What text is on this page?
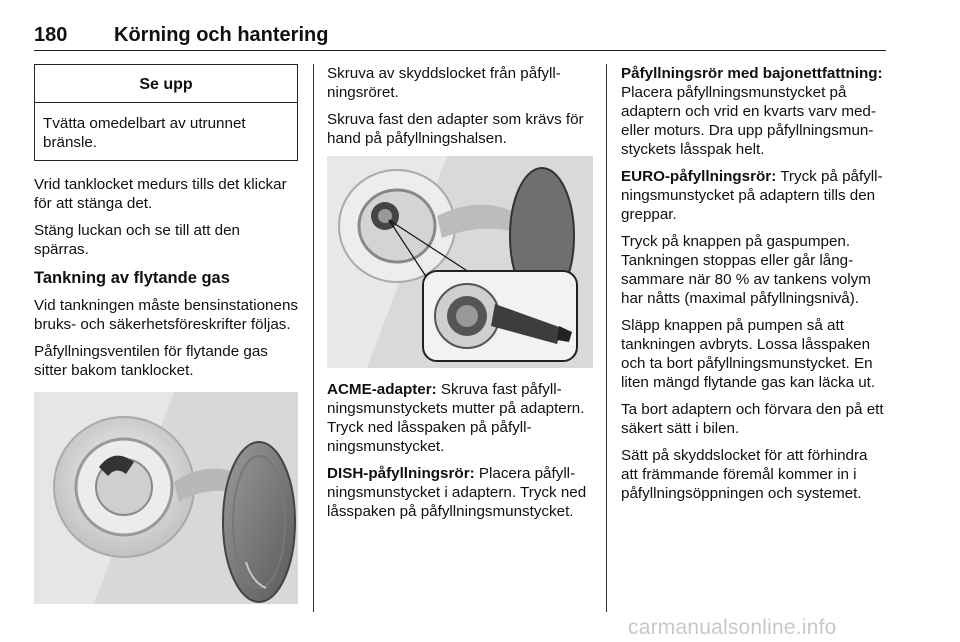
180 Körning och hantering
Se upp
Tvätta omedelbart av utrunnet bränsle.

Vrid tanklocket medurs tills det klickar för att stänga det.

Stäng luckan och se till att den spärras.

Tankning av flytande gas

Vid tankningen måste bensinstationens bruks- och säkerhetsföreskrifter följas.

Påfyllningsventilen för flytande gas sitter bakom tanklocket.

Skruva av skyddslocket från påfyllningsröret.

Skruva fast den adapter som krävs för hand på påfyllningshalsen.

ACME-adapter: Skruva fast påfyllningsmunstyckets mutter på adaptern. Tryck ned låsspaken på påfyllningsmunstycket.

DISH-påfyllningsrör: Placera påfyllningsmunstycket i adaptern. Tryck ned låsspaken på påfyllningsmunstycket.

Påfyllningsrör med bajonettfattning: Placera påfyllningsmunstycket på adaptern och vrid en kvarts varv med- eller moturs. Dra upp påfyllningsmunstyckets låsspak helt.

EURO-påfyllningsrör: Tryck på påfyllningsmunstycket på adaptern tills den greppar.

Tryck på knappen på gaspumpen. Tankningen stoppas eller går långsammare när 80 % av tankens volym har nåtts (maximal påfyllningsnivå).

Släpp knappen på pumpen så att tankningen avbryts. Lossa låsspaken och ta bort påfyllningsmunstycket. En liten mängd flytande gas kan läcka ut.

Ta bort adaptern och förvara den på ett säkert sätt i bilen.

Sätt på skyddslocket för att förhindra att främmande föremål kommer in i påfyllningsöppningen och systemet.

carmanualsonline.info
